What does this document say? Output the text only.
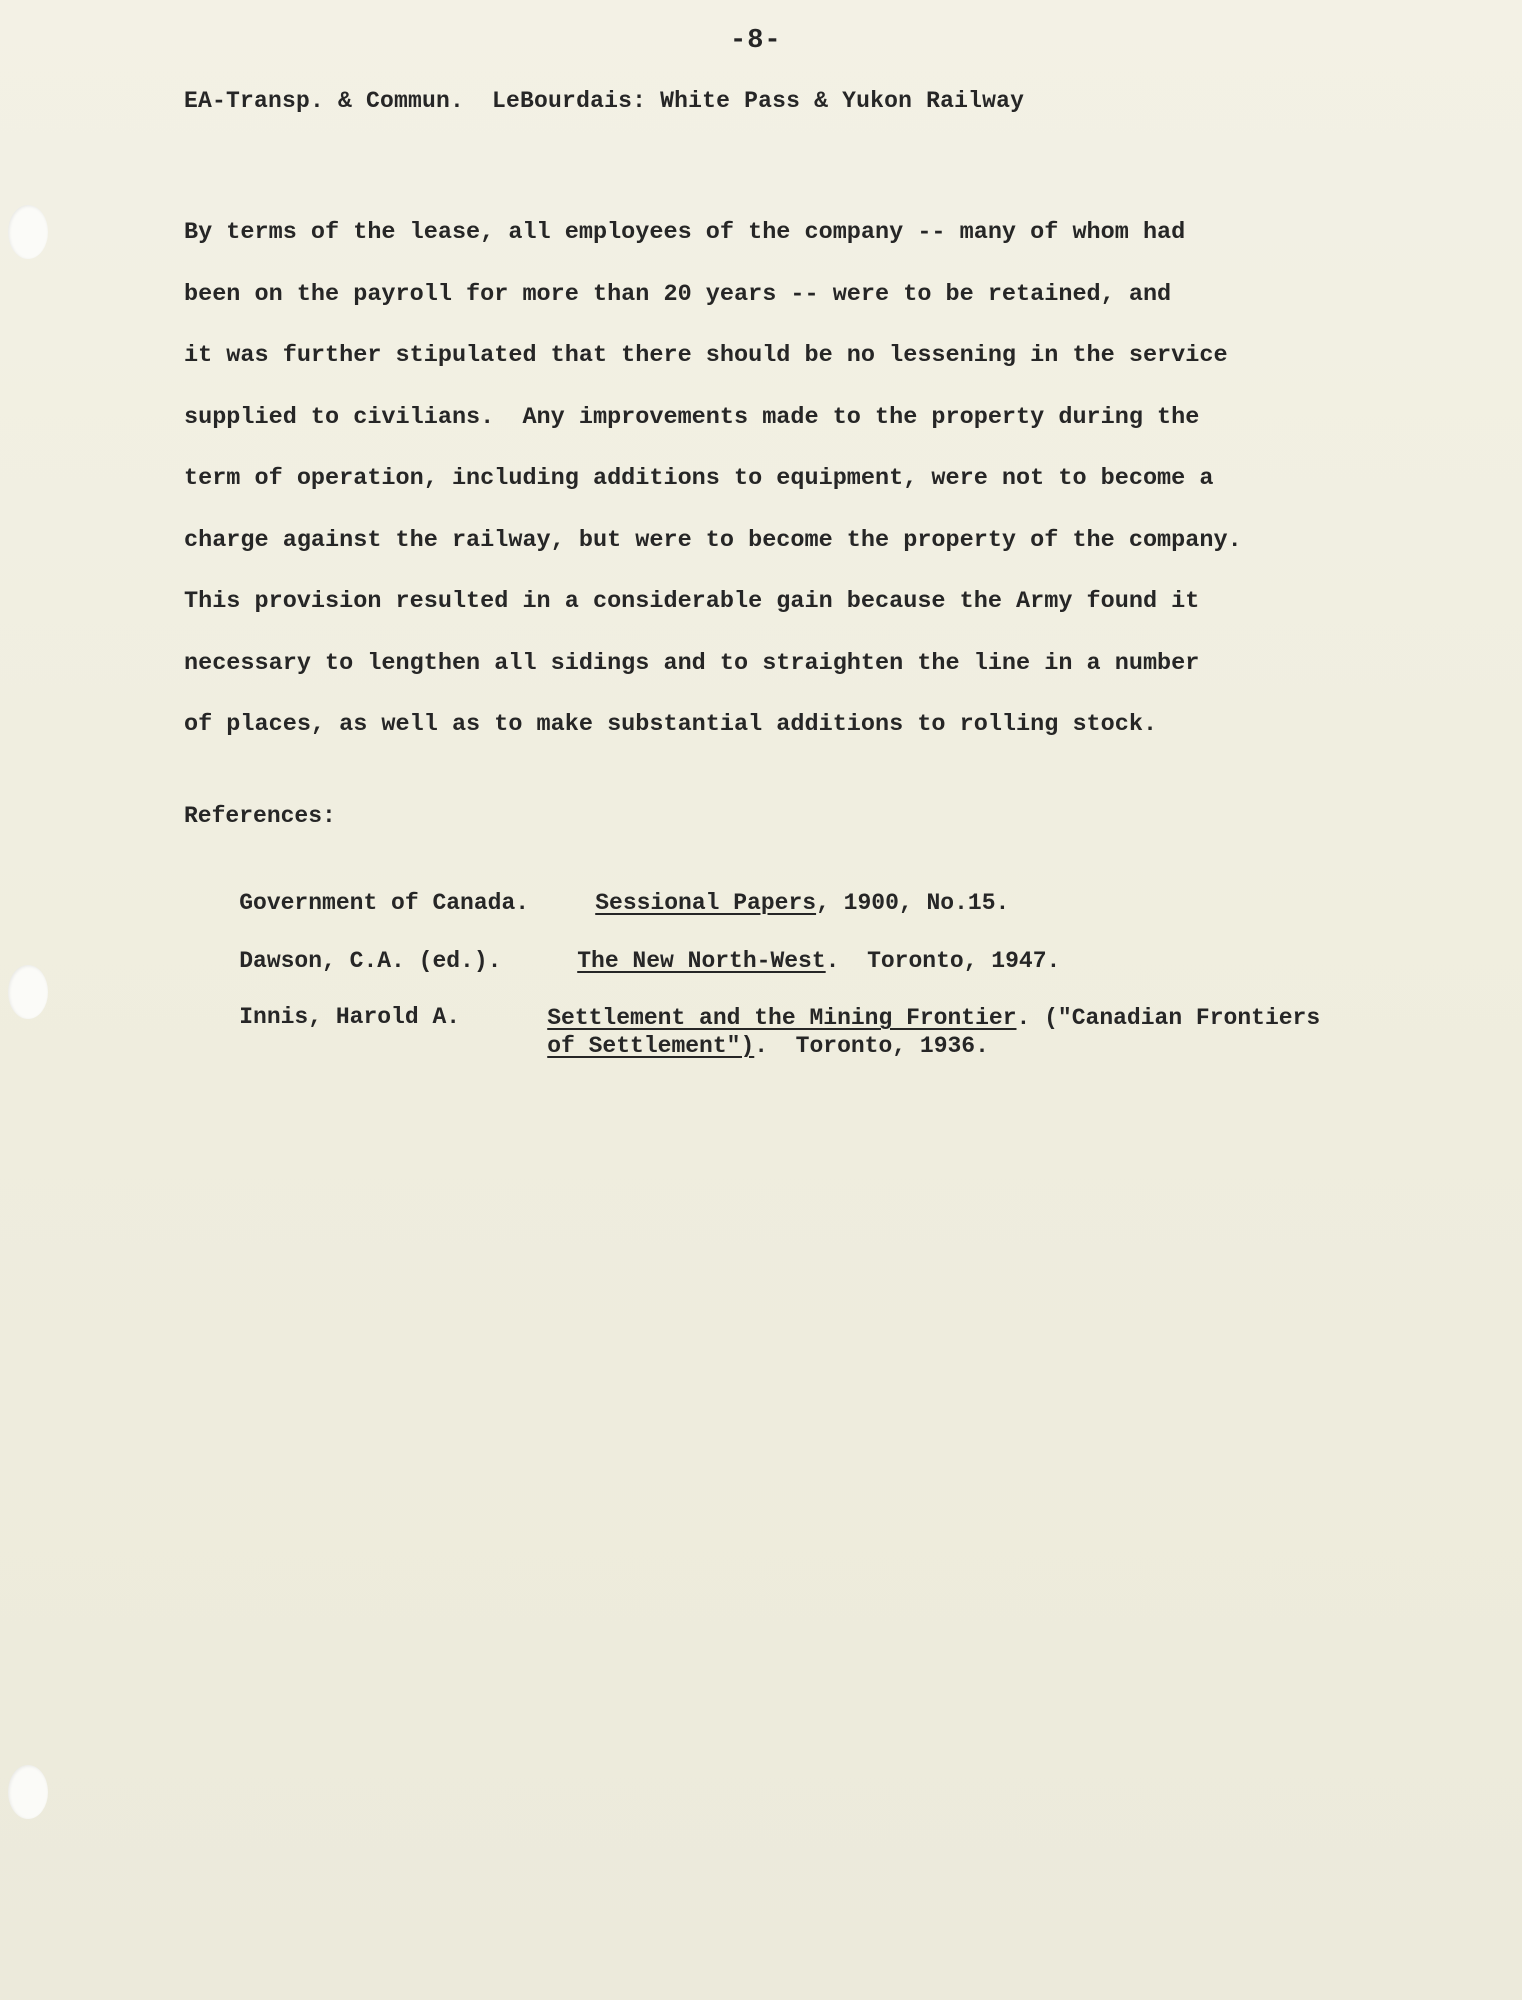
-8-
EA-Transp. & Commun.  LeBourdais: White Pass & Yukon Railway
By terms of the lease, all employees of the company -- many of whom had
been on the payroll for more than 20 years -- were to be retained, and
it was further stipulated that there should be no lessening in the service
supplied to civilians.  Any improvements made to the property during the
term of operation, including additions to equipment, were not to become a
charge against the railway, but were to become the property of the company.
This provision resulted in a considerable gain because the Army found it
necessary to lengthen all sidings and to straighten the line in a number
of places, as well as to make substantial additions to rolling stock.
References:

Government of Canada.	Sessional Papers, 1900, No.15.

Dawson, C.A. (ed.).	The New North-West.  Toronto, 1947.

Innis, Harold A.	Settlement and the Mining Frontier. ("Canadian Frontiers
of Settlement").  Toronto, 1936.
